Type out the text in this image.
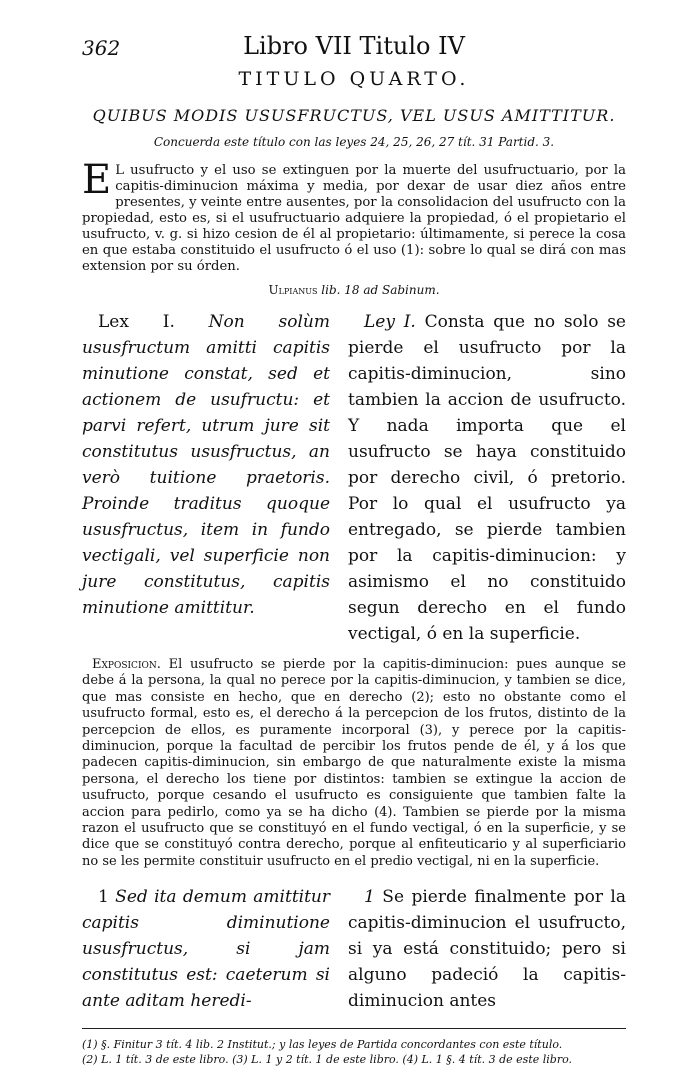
362	Libro VII Titulo IV
TITULO QUARTO.
QUIBUS MODIS USUSFRUCTUS, VEL USUS AMITTITUR.
Concuerda este título con las leyes 24, 25, 26, 27 tít. 31 Partid. 3.
E L usufructo y el uso se extinguen por la muerte del usufructuario, por la capitis-diminucion máxima y media, por dexar de usar diez años entre presentes, y veinte entre ausentes, por la consolidacion del usufructo con la propiedad, esto es, si el usufructuario adquiere la propiedad, ó el propietario el usufructo, v. g. si hizo cesion de él al propietario: últimamente, si perece la cosa en que estaba constituido el usufructo ó el uso (1): sobre lo qual se dirá con mas extension por su órden.
Ulpianus lib. 18 ad Sabinum.
Lex I. Non solùm ususfructum amitti capitis minutione constat, sed et actionem de usufructu: et parvi refert, utrum jure sit constitutus ususfructus, an verò tuitione praetoris. Proinde traditus quoque ususfructus, item in fundo vectigali, vel superficie non jure constitutus, capitis minutione amittitur.
Ley I. Consta que no solo se pierde el usufructo por la capitis-diminucion, sino tambien la accion de usufructo. Y nada importa que el usufructo se haya constituido por derecho civil, ó pretorio. Por lo qual el usufructo ya entregado, se pierde tambien por la capitis-diminucion: y asimismo el no constituido segun derecho en el fundo vectigal, ó en la superficie.
Exposicion. El usufructo se pierde por la capitis-diminucion: pues aunque se debe á la persona, la qual no perece por la capitis-diminucion, y tambien se dice, que mas consiste en hecho, que en derecho (2); esto no obstante como el usufructo formal, esto es, el derecho á la percepcion de los frutos, distinto de la percepcion de ellos, es puramente incorporal (3), y perece por la capitis-diminucion, porque la facultad de percibir los frutos pende de él, y á los que padecen capitis-diminucion, sin embargo de que naturalmente existe la misma persona, el derecho los tiene por distintos: tambien se extingue la accion de usufructo, porque cesando el usufructo es consiguiente que tambien falte la accion para pedirlo, como ya se ha dicho (4). Tambien se pierde por la misma razon el usufructo que se constituyó en el fundo vectigal, ó en la superficie, y se dice que se constituyó contra derecho, porque al enfiteuticario y al superficiario no se les permite constituir usufructo en el predio vectigal, ni en la superficie.
1 Sed ita demum amittitur capitis diminutione ususfructus, si jam constitutus est: caeterum si ante aditam heredi-
1 Se pierde finalmente por la capitis-diminucion el usufructo, si ya está constituido; pero si alguno padeció la capitis-diminucion antes
(1) §. Finitur 3 tít. 4 lib. 2 Institut.; y las leyes de Partida concordantes con este título.
(2) L. 1 tít. 3 de este libro. (3) L. 1 y 2 tít. 1 de este libro. (4) L. 1 §. 4 tít. 3 de este libro.
